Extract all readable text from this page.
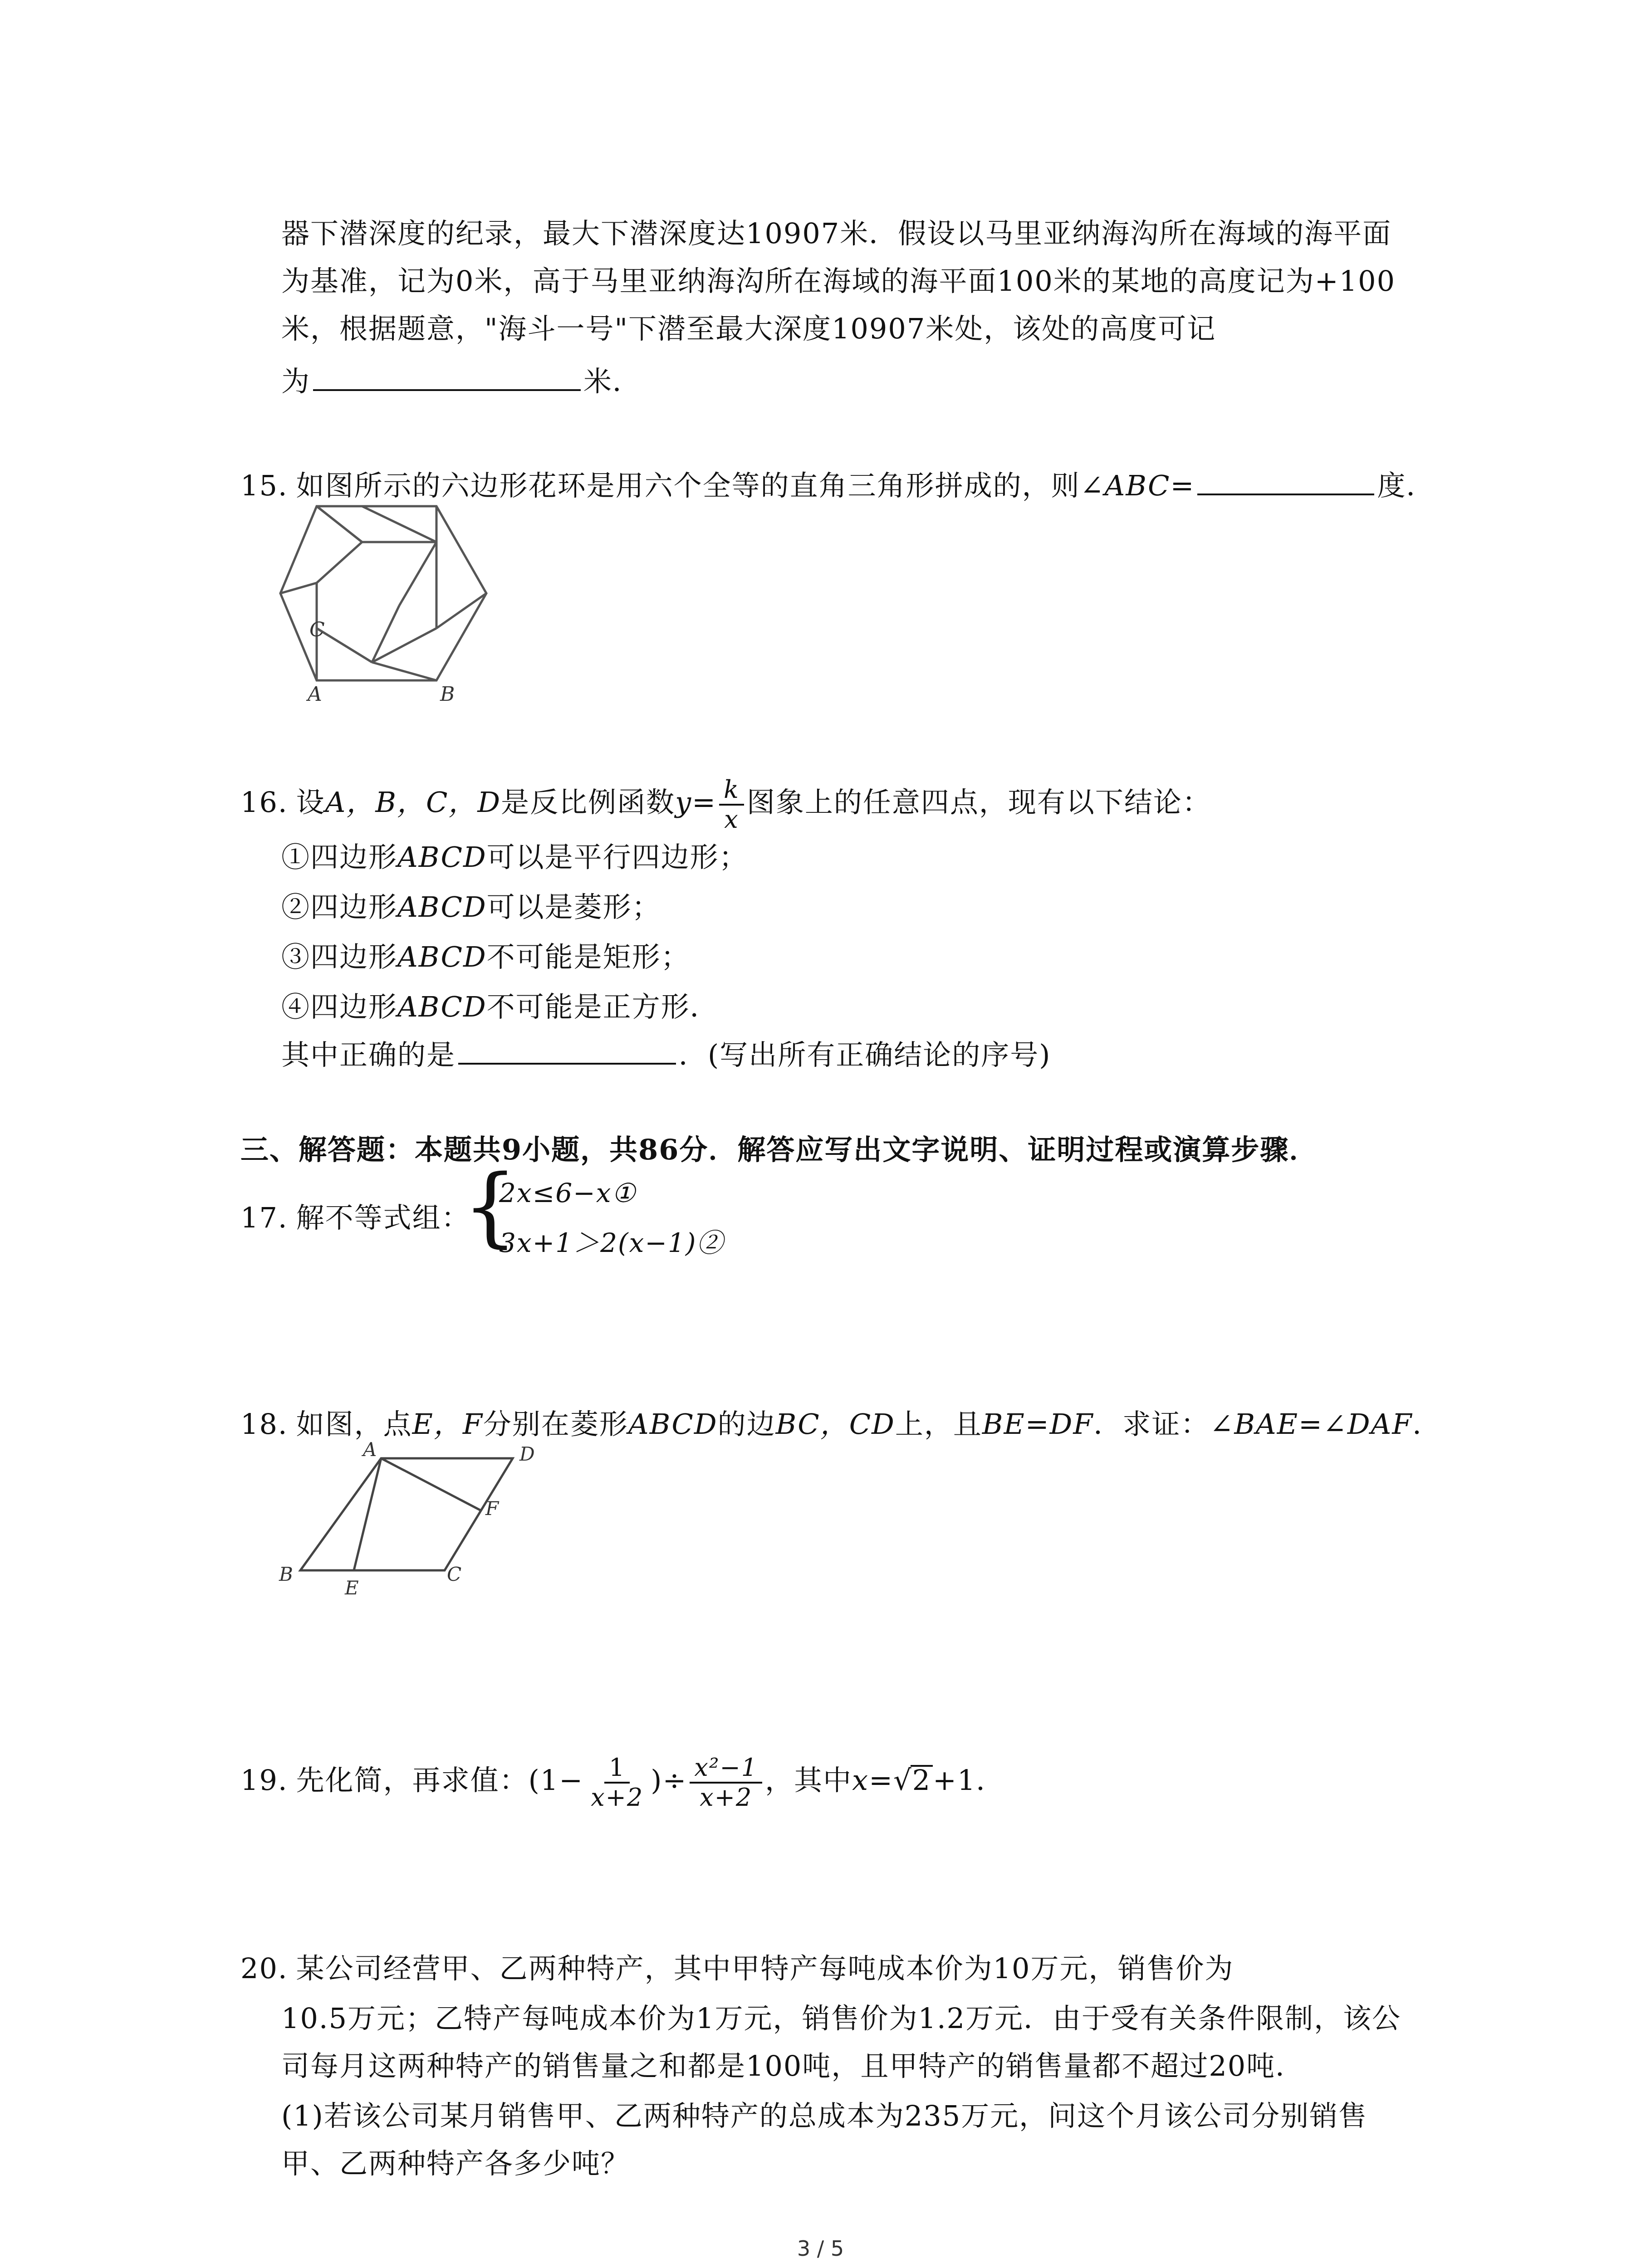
器下潜深度的纪录，最大下潜深度达10907米．假设以马里亚纳海沟所在海域的海平面
为基准，记为0米，高于马里亚纳海沟所在海域的海平面100米的某地的高度记为+100
米，根据题意，"海斗一号"下潜至最大深度10907米处，该处的高度可记
为	米．
15. 如图所示的六边形花环是用六个全等的直角三角形拼成的，则∠ABC=	度．
C
A	B
16. 设A，B，C，D是反比例函数$y= \frac{k}{x}$ 图象上的任意四点，现有以下结论：
①四边形ABCD可以是平行四边形；
②四边形ABCD可以是菱形；
③四边形ABCD不可能是矩形；
④四边形ABCD不可能是正方形．
其中正确的是	．(写出所有正确结论的序号)
三、解答题：本题共9小题，共86分．解答应写出文字说明、证明过程或演算步骤．
17. 解不等式组：
{
2x≤6−x①
3x+1＞2(x−1)②
18. 如图，点E，F分别在菱形ABCD的边BC，CD上，且BE=DF．求证：∠BAE=∠DAF．
A	D
F
B
E
C
19. 先化简，再求值：($1- \frac{1}{x+2}$ )÷ $\frac{\text{x²−1}}{x+2}$ ，其中x=√2+1．
20. 某公司经营甲、乙两种特产，其中甲特产每吨成本价为10万元，销售价为
10.5万元；乙特产每吨成本价为1万元，销售价为1.2万元．由于受有关条件限制，该公
司每月这两种特产的销售量之和都是100吨，且甲特产的销售量都不超过20吨．
(1)若该公司某月销售甲、乙两种特产的总成本为235万元，问这个月该公司分别销售
甲、乙两种特产各多少吨？
3 / 5
